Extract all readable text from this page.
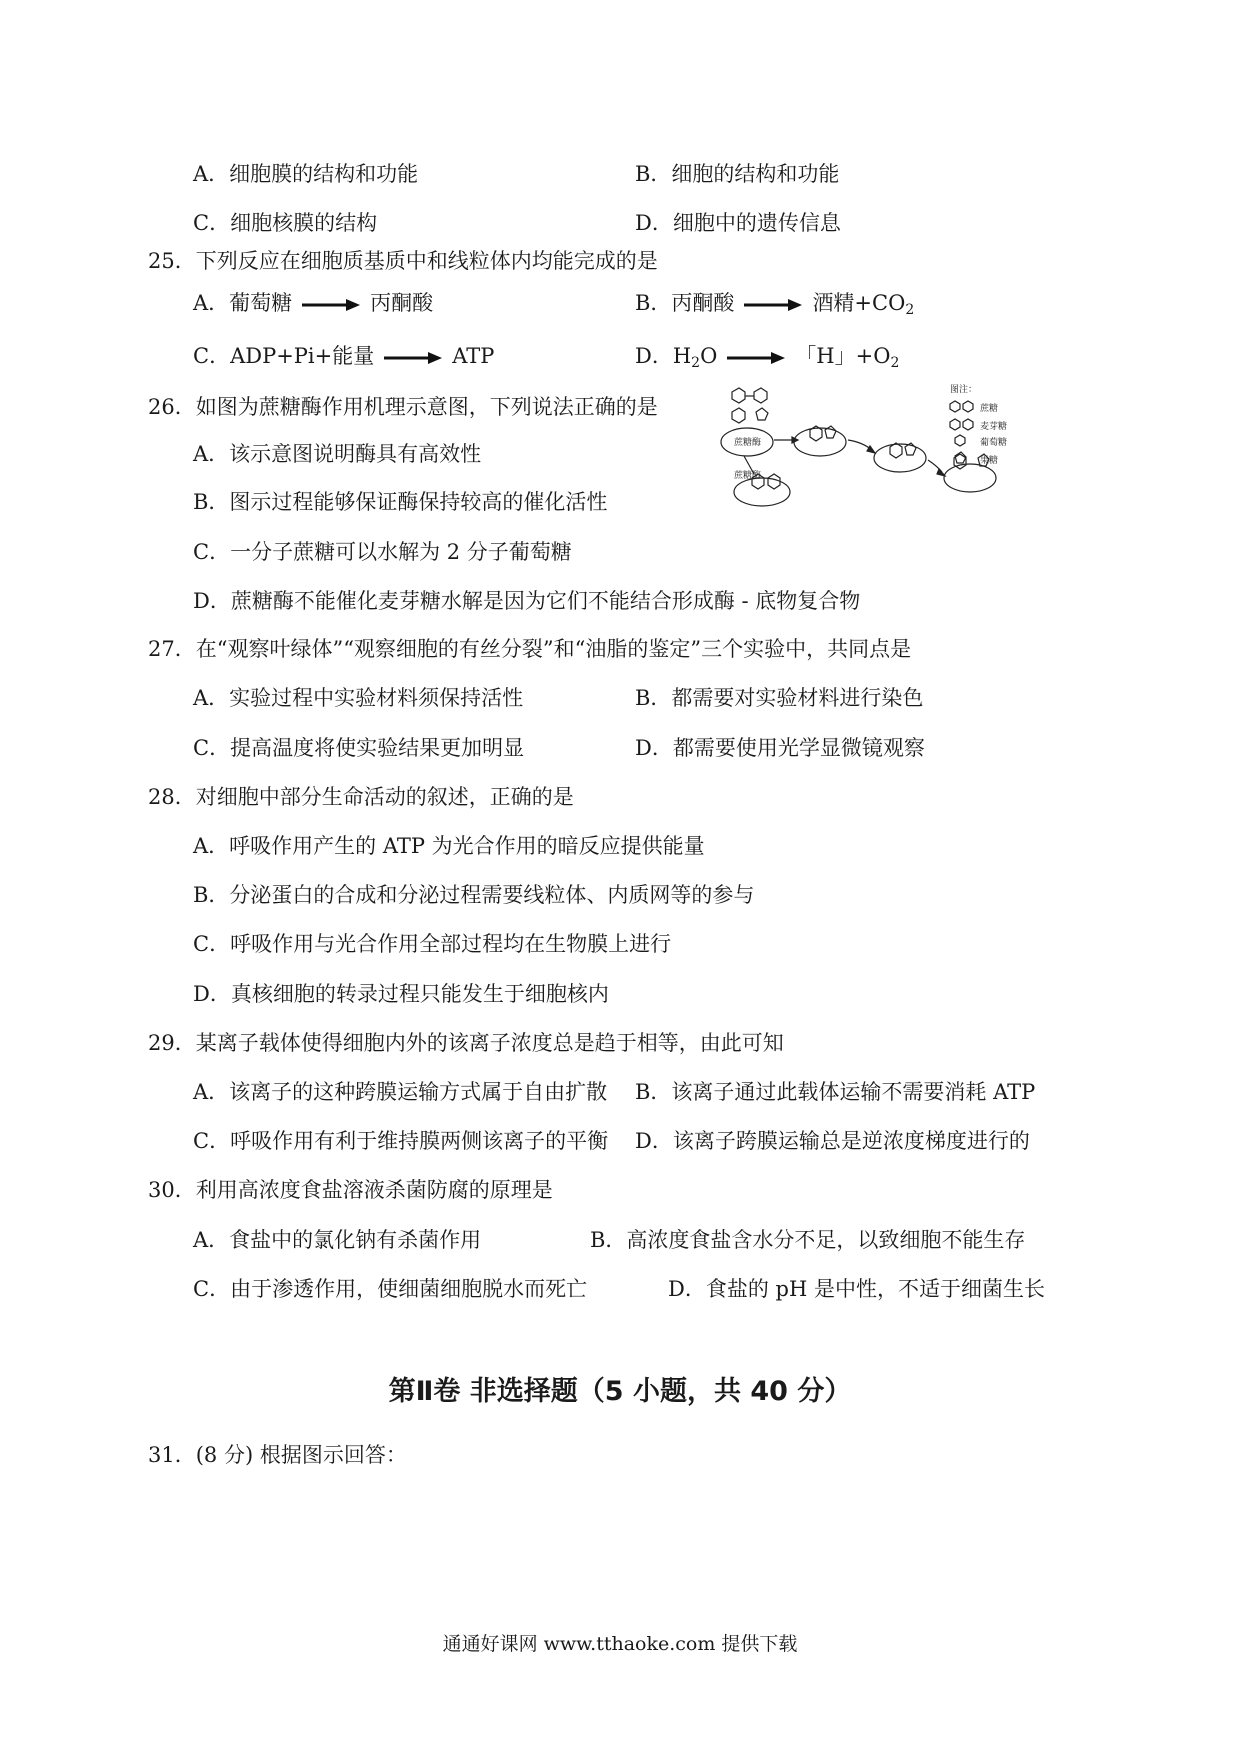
A．细胞膜的结构和功能	B．细胞的结构和功能
C．细胞核膜的结构	D．细胞中的遗传信息
25．下列反应在细胞质基质中和线粒体内均能完成的是
A．葡萄糖 → 丙酮酸	B．丙酮酸 → 酒精$+CO_2$
C．ADP+Pi+能量 → ATP	D．$H_2O$ → 「H」$+O_2$
26．如图为蔗糖酶作用机理示意图，下列说法正确的是
A．该示意图说明酶具有高效性
B．图示过程能够保证酶保持较高的催化活性
C．一分子蔗糖可以水解为 2 分子葡萄糖
D．蔗糖酶不能催化麦芽糖水解是因为它们不能结合形成酶 - 底物复合物
蔗糖酶
蔗糖酶
图注：
蔗糖
麦芽糖
葡萄糖
果糖
27．在“观察叶绿体”“观察细胞的有丝分裂”和“油脂的鉴定”三个实验中，共同点是
A．实验过程中实验材料须保持活性	B．都需要对实验材料进行染色
C．提高温度将使实验结果更加明显	D．都需要使用光学显微镜观察
28．对细胞中部分生命活动的叙述，正确的是
A．呼吸作用产生的 ATP 为光合作用的暗反应提供能量
B．分泌蛋白的合成和分泌过程需要线粒体、内质网等的参与
C．呼吸作用与光合作用全部过程均在生物膜上进行
D．真核细胞的转录过程只能发生于细胞核内
29．某离子载体使得细胞内外的该离子浓度总是趋于相等，由此可知
A．该离子的这种跨膜运输方式属于自由扩散 B．该离子通过此载体运输不需要消耗 ATP
C．呼吸作用有利于维持膜两侧该离子的平衡 D．该离子跨膜运输总是逆浓度梯度进行的
30．利用高浓度食盐溶液杀菌防腐的原理是
A．食盐中的氯化钠有杀菌作用	B．高浓度食盐含水分不足，以致细胞不能生存
C．由于渗透作用，使细菌细胞脱水而死亡	D．食盐的 pH 是中性，不适于细菌生长
第Ⅱ卷 非选择题（5 小题，共 40 分）
31．(8 分) 根据图示回答：
通通好课网 www.tthaoke.com 提供下载
